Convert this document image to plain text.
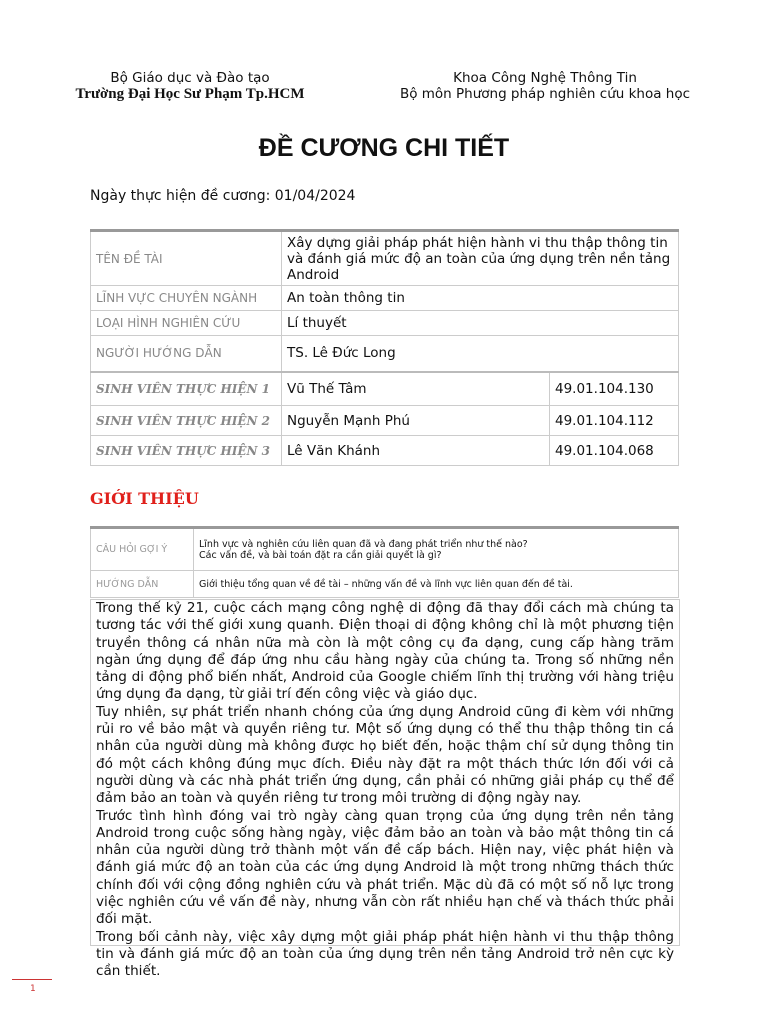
Bộ Giáo dục và Đào tạo
Trường Đại Học Sư Phạm Tp.HCM
Khoa Công Nghệ Thông Tin
Bộ môn Phương pháp nghiên cứu khoa học
ĐỀ CƯƠNG CHI TIẾT
Ngày thực hiện đề cương: 01/04/2024
TÊN ĐỀ TÀI	Xây dựng giải pháp phát hiện hành vi thu thập thông tin và đánh giá mức độ an toàn của ứng dụng trên nền tảng Android	
LĨNH VỰC CHUYÊN NGÀNH	An toàn thông tin	
LOẠI HÌNH NGHIÊN CỨU	Lí thuyết	
NGƯỜI HƯỚNG DẪN	TS. Lê Đức Long	
SINH VIÊN THỰC HIỆN 1	Vũ Thế Tâm	49.01.104.130
SINH VIÊN THỰC HIỆN 2	Nguyễn Mạnh Phú	49.01.104.112
SINH VIÊN THỰC HIỆN 3	Lê Văn Khánh	49.01.104.068
GIỚI THIỆU
CÂU HỎI GỢI Ý	Lĩnh vực và nghiên cứu liên quan đã và đang phát triển như thế nào?
Các vấn đề, và bài toán đặt ra cần giải quyết là gì?

HƯỚNG DẪN	Giới thiệu tổng quan về đề tài – những vấn đề và lĩnh vực liên quan đến đề tài.

Trong thế kỷ 21, cuộc cách mạng công nghệ di động đã thay đổi cách mà chúng ta tương tác với thế giới xung quanh. Điện thoại di động không chỉ là một phương tiện truyền thông cá nhân nữa mà còn là một công cụ đa dạng, cung cấp hàng trăm ngàn ứng dụng để đáp ứng nhu cầu hàng ngày của chúng ta. Trong số những nền tảng di động phổ biến nhất, Android của Google chiếm lĩnh thị trường với hàng triệu ứng dụng đa dạng, từ giải trí đến công việc và giáo dục.

Tuy nhiên, sự phát triển nhanh chóng của ứng dụng Android cũng đi kèm với những rủi ro về bảo mật và quyền riêng tư. Một số ứng dụng có thể thu thập thông tin cá nhân của người dùng mà không được họ biết đến, hoặc thậm chí sử dụng thông tin đó một cách không đúng mục đích. Điều này đặt ra một thách thức lớn đối với cả người dùng và các nhà phát triển ứng dụng, cần phải có những giải pháp cụ thể để đảm bảo an toàn và quyền riêng tư trong môi trường di động ngày nay.

Trước tình hình đóng vai trò ngày càng quan trọng của ứng dụng trên nền tảng Android trong cuộc sống hàng ngày, việc đảm bảo an toàn và bảo mật thông tin cá nhân của người dùng trở thành một vấn đề cấp bách. Hiện nay, việc phát hiện và đánh giá mức độ an toàn của các ứng dụng Android là một trong những thách thức chính đối với cộng đồng nghiên cứu và phát triển. Mặc dù đã có một số nỗ lực trong việc nghiên cứu về vấn đề này, nhưng vẫn còn rất nhiều hạn chế và thách thức phải đối mặt.

Trong bối cảnh này, việc xây dựng một giải pháp phát hiện hành vi thu thập thông tin và đánh giá mức độ an toàn của ứng dụng trên nền tảng Android trở nên cực kỳ cần thiết.

1
